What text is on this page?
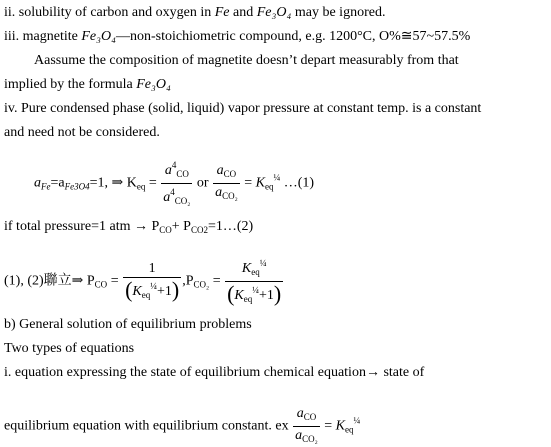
ii. solubility of carbon and oxygen in Fe and Fe₃O₄ may be ignored.
iii. magnetite Fe₃O₄—non-stoichiometric compound, e.g. 1200°C, O%≅57~57.5%
Aassume the composition of magnetite doesn’t depart measurably from that
implied by the formula Fe₃O₄
iv. Pure condensed phase (solid, liquid) vapor pressure at constant temp. is a constant
and need not be considered.
$a_{Fe}=a_{Fe3O4}=1$, ⇒ $K_{eq} = \frac{a^4_{CO}}{a^4_{CO_2}}$ or $\frac{a_{CO}}{a_{CO_2}} = K_{eq}^{\frac{1}{4}}$ …(1)
if total pressure=1 atm → $P_{CO}+$ $P_{CO2}=1\dots(2)$
(1), (2)聯立⇒ $P_{CO} = \frac{1}{(K_{eq}^{\frac{1}{4}}+1)} ,P_{CO_2} = \frac{K_{eq}^{\frac{1}{4}}}{(K_{eq}^{\frac{1}{4}}+1)}$
b) General solution of equilibrium problems
Two types of equations
i. equation expressing the state of equilibrium chemical equation→ state of
equilibrium equation with equilibrium constant. ex $\frac{a_{CO}}{a_{CO_2}} = K_{eq}^{\frac{1}{4}}$
